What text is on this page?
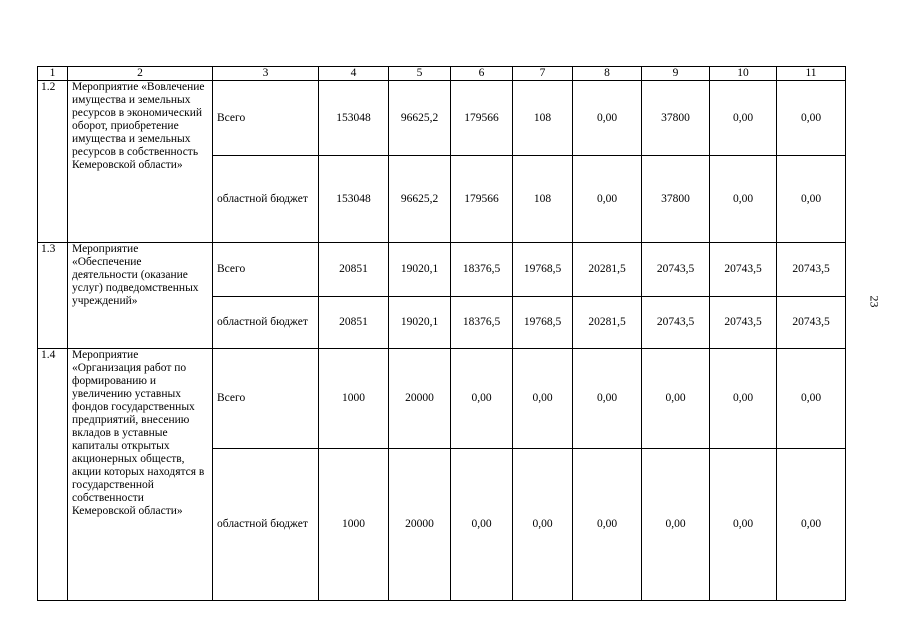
1	2	3	4	5	6	7	8	9	10	11
1.2	Мероприятие «Вовлечение имущества и земельных ресурсов в экономический оборот, приобретение имущества и земельных ресурсов в собственность Кемеровской области»	Всего	153048	96625,2	179566	108	0,00	37800	0,00	0,00
		областной бюджет	153048	96625,2	179566	108	0,00	37800	0,00	0,00
1.3	Мероприятие «Обеспечение деятельности (оказание услуг) подведомственных учреждений»	Всего	20851	19020,1	18376,5	19768,5	20281,5	20743,5	20743,5	20743,5
		областной бюджет	20851	19020,1	18376,5	19768,5	20281,5	20743,5	20743,5	20743,5
1.4	Мероприятие «Организация работ по формированию и увеличению уставных фондов государственных предприятий, внесению вкладов в уставные капиталы открытых акционерных обществ, акции которых находятся в государственной собственности Кемеровской области»	Всего	1000	20000	0,00	0,00	0,00	0,00	0,00	0,00
		областной бюджет	1000	20000	0,00	0,00	0,00	0,00	0,00	0,00
23
